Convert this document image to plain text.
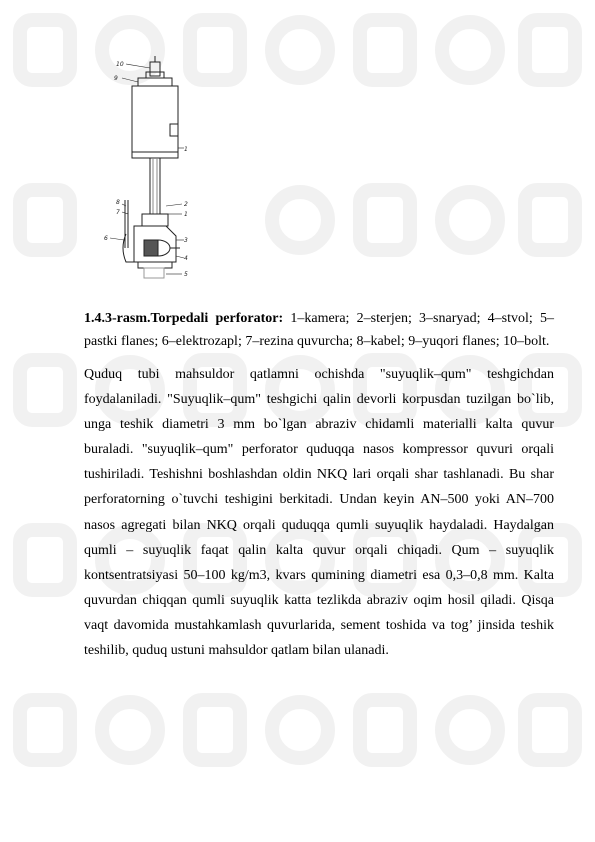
10
9
1
8
7
6
2
1
3
4
5

1.4.3-rasm.Torpedali perforator: 1–kamera; 2–sterjen; 3–snaryad; 4–stvol; 5–pastki flanes; 6–elektrozapl; 7–rezina quvurcha; 8–kabel; 9–yuqori flanes; 10–bolt.

Quduq tubi mahsuldor qatlamni ochishda "suyuqlik–qum" teshgichdan foydalaniladi. "Suyuqlik–qum" teshgichi qalin devorli korpusdan tuzilgan bo`lib, unga teshik diametri 3 mm bo`lgan abraziv chidamli materialli kalta quvur buraladi. "suyuqlik–qum" perforator quduqqa nasos kompressor quvuri orqali tushiriladi. Teshishni boshlashdan oldin NKQ lari orqali shar tashlanadi. Bu shar perforatorning o`tuvchi teshigini berkitadi. Undan keyin AN–500 yoki AN–700 nasos agregati bilan NKQ orqali quduqqa qumli suyuqlik haydaladi. Haydalgan qumli – suyuqlik faqat qalin kalta quvur orqali chiqadi. Qum – suyuqlik kontsentratsiyasi 50–100 kg/m3, kvars qumining diametri esa 0,3–0,8 mm. Kalta quvurdan chiqqan qumli suyuqlik katta tezlikda abraziv oqim hosil qiladi. Qisqa vaqt davomida mustahkamlash quvurlarida, sement toshida va tog’ jinsida teshik teshilib, quduq ustuni mahsuldor qatlam bilan ulanadi.
